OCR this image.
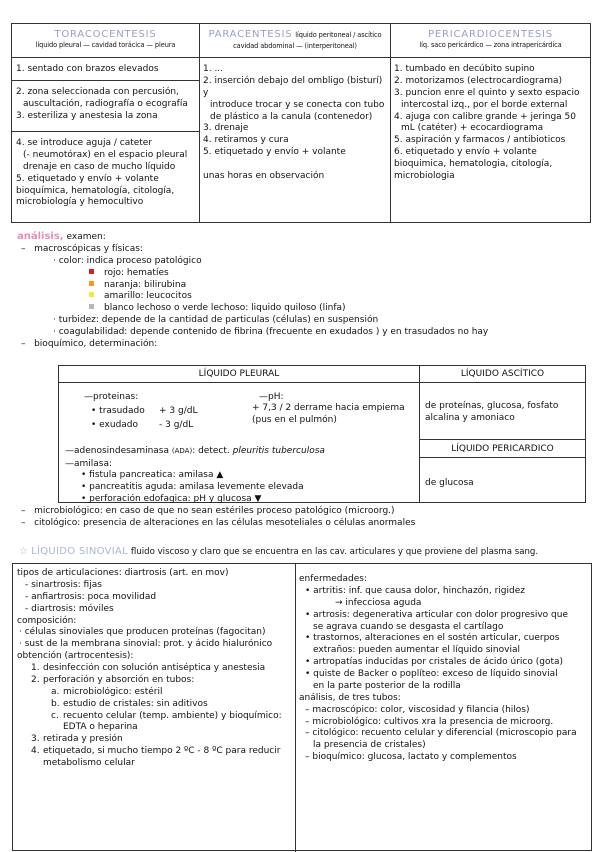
TORACOCENTESIS
líquido pleural — cavidad torácica — pleura
PARACENTESIS líquido peritoneal / ascítico
cavidad abdominal — (interperitoneal)
PERICARDIOCENTESIS
líq. saco pericárdico — zona intrapericárdica
1. sentado con brazos elevados
2. zona seleccionada con percusión,
auscultación, radiografía o ecografía
3. esteriliza y anestesia la zona
4. se introduce aguja / cateter
(- neumotórax) en el espacio pleural
drenaje en caso de mucho líquido
5. etiquetado y envío + volante
bioquímica, hematología, citología,
microbiología y hemocultivo
1. ...
2. inserción debajo del ombligo (bisturí) y
introduce trocar y se conecta con tubo
de plástico a la canula (contenedor)
3. drenaje
4. retiramos y cura
5. etiquetado y envío + volante
unas horas en observación
1. tumbado en decúbito supino
2. motorizamos (electrocardiograma)
3. puncion enre el quinto y sexto espacio
intercostal izq., por el borde external
4. ajuga con calibre grande + jeringa 50
mL (catéter) + ecocardiograma
5. aspiración y farmacos / antibioticos
6. etiquetado y envío + volante
bioquimica, hematologia, citología,
microbiologia
análisis, examen:
–   macroscópicas y físicas:
· color: indica proceso patológico
rojo: hematíes
naranja: bilirubina
amarillo: leucocitos
blanco lechoso o verde lechoso: liquido quiloso (linfa)
· turbidez: depende de la cantidad de particulas (células) en suspensión
· coagulabilidad: depende contenido de fibrina (frecuente en exudados ) y en trasudados no hay
–   bioquímico, determinación:
LÍQUIDO PLEURAL	LÍQUIDO ASCÍTICO
LÍQUIDO PERICARDICO
—proteinas:
• trasudado + 3 g/dL
• exudado - 3 g/dL
—pH:
+ 7,3 / 2 derrame hacia empiema
(pus en el pulmón)
—adenosindesaminasa (ADA): detect. pleuritis tuberculosa
—amilasa:
• fistula pancreatica: amilasa ▲
• pancreatitis aguda: amilasa levemente elevada
• perforación edofagica: pH y glucosa ▼
de proteínas, glucosa, fosfato alcalina y amoniaco
de glucosa
–   microbiológico: en caso de que no sean estériles proceso patológico (microorg.)
–   citológico: presencia de alteraciones en las células mesoteliales o células anormales
☆ LÍQUIDO SINOVIAL fluido viscoso y claro que se encuentra en las cav. articulares y que proviene del plasma sang.
tipos de articulaciones: diartrosis (art. en mov)
- sinartrosis: fijas
- anfiartrosis: poca movilidad
- diartrosis: móviles
composición:
· células sinoviales que producen proteínas (fagocitan)
· sust de la membrana sinovial: prot. y ácido hialurónico
obtención (artrocentesis):
1. desinfección con solución antiséptica y anestesia
2. perforación y absorción en tubos:
a. microbiológico: estéril
b. estudio de cristales: sin aditivos
c. recuento celular (temp. ambiente) y bioquímico:
EDTA o heparina
3. retirada y presión
4. etiquetado, si mucho tiempo 2 ºC - 8 ºC para reducir
metabolismo celular
enfermedades:
• artritis: inf. que causa dolor, hinchazón, rigidez
→ infecciosa aguda
• artrosis: degenerativa articular con dolor progresivo que
se agrava cuando se desgasta el cartílago
• trastornos, alteraciones en el sostén articular, cuerpos
extraños: pueden aumentar el líquido sinovial
• artropatías inducidas por cristales de ácido úrico (gota)
• quiste de Backer o poplíteo: exceso de líquido sinovial
en la parte posterior de la rodilla
análisis, de tres tubos:
– macroscópico: color, viscosidad y filancia (hilos)
– microbiológico: cultivos xra la presencia de microorg.
– citológico: recuento celular y diferencial (microscopio para
la presencia de cristales)
– bioquímico: glucosa, lactato y complementos
